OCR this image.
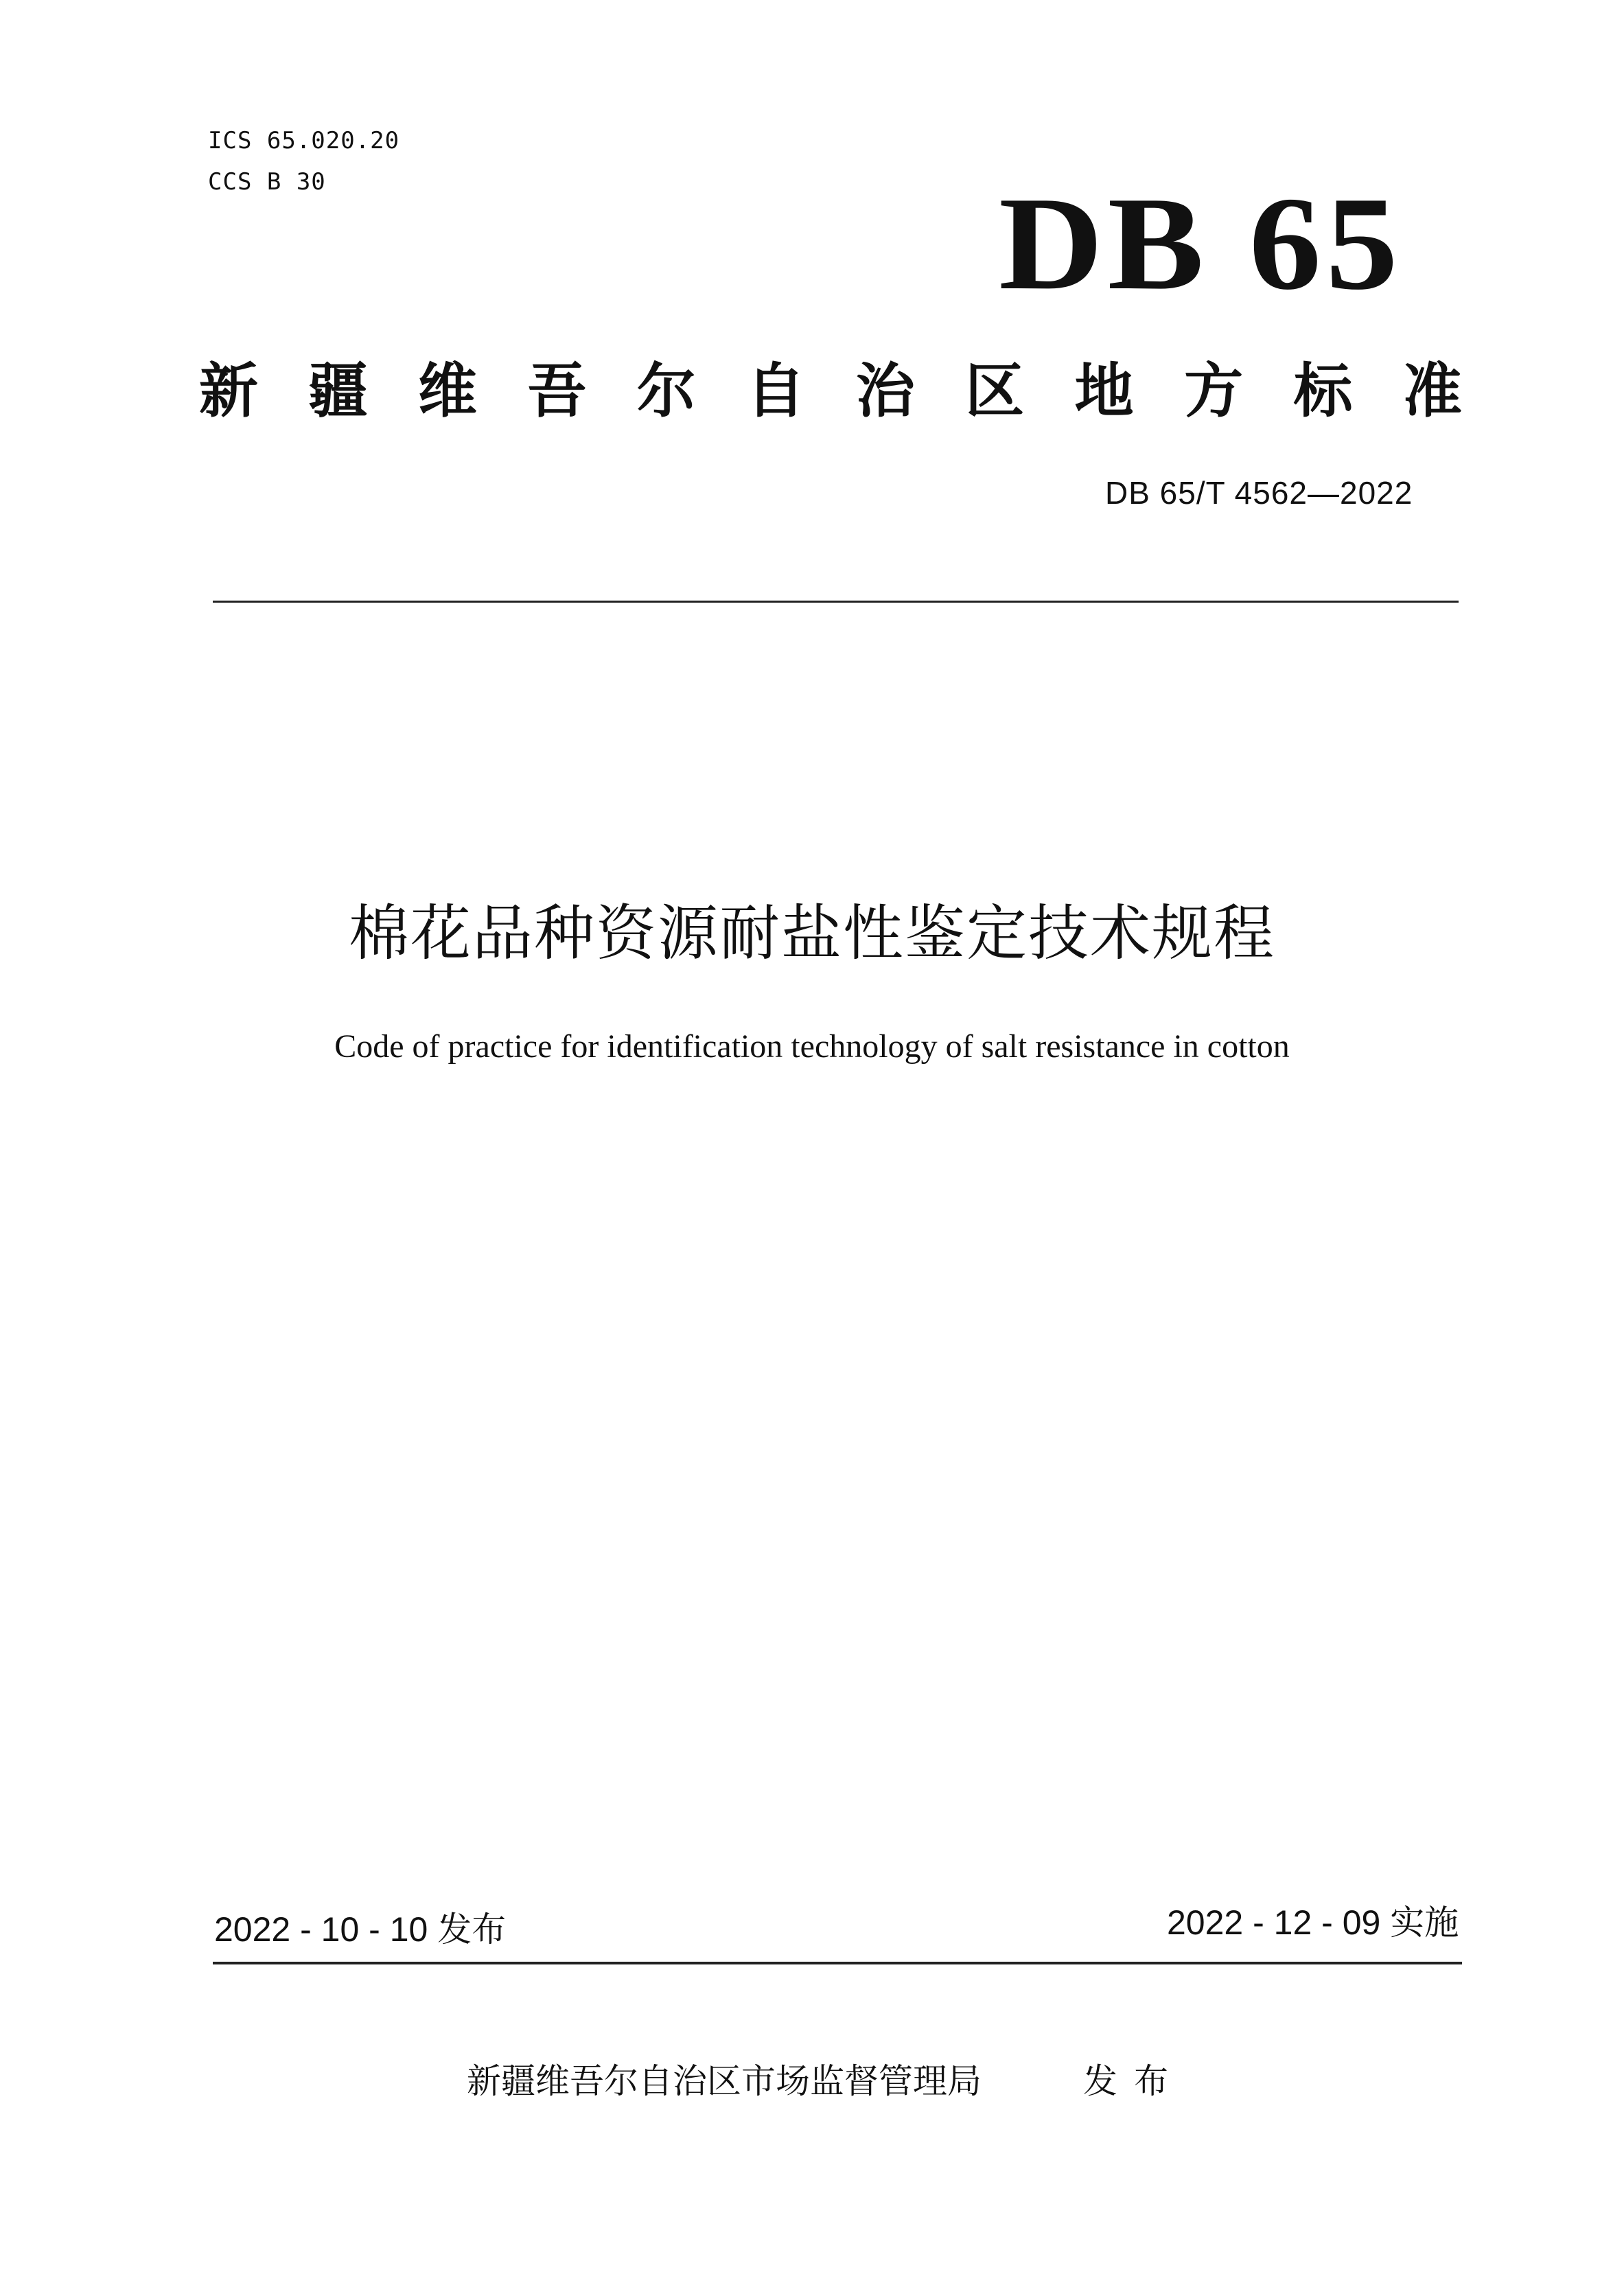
ICS 65.020.20
CCS B 30	DB 65
新 疆 维 吾 尔 自 治 区 地 方 标 准
DB 65/T 4562—2022
棉花品种资源耐盐性鉴定技术规程
Code of practice for identification technology of salt resistance in cotton
2022 - 10 - 10 发布	2022 - 12 - 09 实施
新疆维吾尔自治区市场监督管理局	发布
